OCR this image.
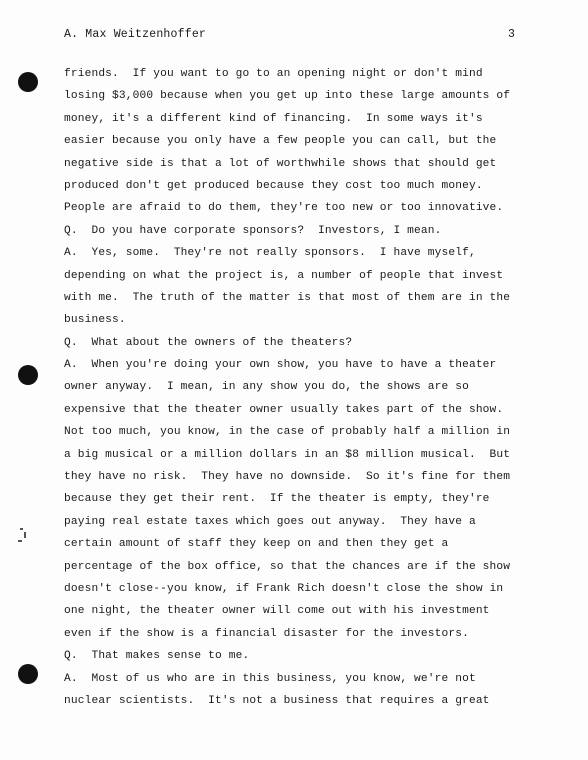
A. Max Weitzenhoffer	3
friends.  If you want to go to an opening night or don't mind
losing $3,000 because when you get up into these large amounts of
money, it's a different kind of financing.  In some ways it's
easier because you only have a few people you can call, but the
negative side is that a lot of worthwhile shows that should get
produced don't get produced because they cost too much money.
People are afraid to do them, they're too new or too innovative.
Q.  Do you have corporate sponsors?  Investors, I mean.
A.  Yes, some.  They're not really sponsors.  I have myself,
depending on what the project is, a number of people that invest
with me.  The truth of the matter is that most of them are in the
business.
Q.  What about the owners of the theaters?
A.  When you're doing your own show, you have to have a theater
owner anyway.  I mean, in any show you do, the shows are so
expensive that the theater owner usually takes part of the show.
Not too much, you know, in the case of probably half a million in
a big musical or a million dollars in an $8 million musical.  But
they have no risk.  They have no downside.  So it's fine for them
because they get their rent.  If the theater is empty, they're
paying real estate taxes which goes out anyway.  They have a
certain amount of staff they keep on and then they get a
percentage of the box office, so that the chances are if the show
doesn't close--you know, if Frank Rich doesn't close the show in
one night, the theater owner will come out with his investment
even if the show is a financial disaster for the investors.
Q.  That makes sense to me.
A.  Most of us who are in this business, you know, we're not
nuclear scientists.  It's not a business that requires a great
